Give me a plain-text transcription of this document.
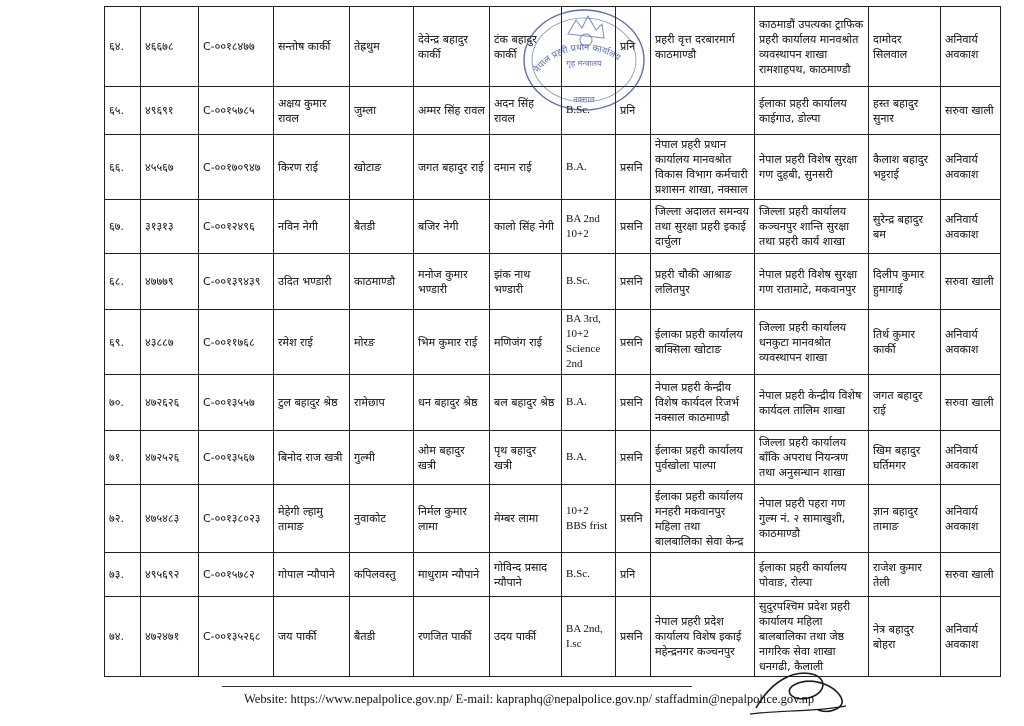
६४.	४६६७८	C-००१८४७७	सन्तोष कार्की	तेह्रथुम	देवेन्द्र बहादुर कार्की	टंक बहादुर कार्की		प्रनि	प्रहरी वृत्त दरबारमार्ग काठमाण्डौ	काठमाडौं उपत्यका ट्राफिक प्रहरी कार्यालय मानवश्रोत व्यवस्थापन शाखा रामशाहपथ, काठमाण्डौ	दामोदर सिलवाल	अनिवार्य अवकाश
६५.	४९६९१	C-००१५७८५	अक्षय कुमार रावल	जुम्ला	अम्मर सिंह रावल	अदन सिंह रावल	B.Sc.	प्रनि		ईलाका प्रहरी कार्यालय काईगाउ, डोल्पा	हस्त बहादुर सुनार	सरुवा खाली
६६.	४५५६७	C-००१७०९४७	किरण राई	खोटाङ	जगत बहादुर राई	दमान राई	B.A.	प्रसनि	नेपाल प्रहरी प्रधान कार्यालय मानवश्रोत विकास विभाग कर्मचारी प्रशासन शाखा, नक्साल	नेपाल प्रहरी विशेष सुरक्षा गण दुहबी, सुनसरी	कैलाश बहादुर भट्टराई	अनिवार्य अवकाश
६७.	३१३१३	C-००१२४९६	नविन नेगी	बैतडी	बजिर नेगी	कालो सिंह नेगी	BA 2nd 10+2	प्रसनि	जिल्ला अदालत समन्वय तथा सुरक्षा प्रहरी इकाई दार्चुला	जिल्ला प्रहरी कार्यालय कञ्चनपुर शान्ति सुरक्षा तथा प्रहरी कार्य शाखा	सुरेन्द्र बहादुर बम	अनिवार्य अवकाश
६८.	४७७७९	C-००१३९४३९	उदित भण्डारी	काठमाण्डौ	मनोज कुमार भण्डारी	झंक नाथ भण्डारी	B.Sc.	प्रसनि	प्रहरी चौकी आश्राङ ललितपुर	नेपाल प्रहरी विशेष सुरक्षा गण रातामाटे, मकवानपुर	दिलीप कुमार हुमागाई	सरुवा खाली
६९.	४३८८७	C-००११७६८	रमेश राई	मोरङ	भिम कुमार राई	मणिजंग राई	BA 3rd, 10+2 Science 2nd	प्रसनि	ईलाका प्रहरी कार्यालय बाक्सिला खोटाङ	जिल्ला प्रहरी कार्यालय धनकुटा मानवश्रोत व्यवस्थापन शाखा	तिर्थ कुमार कार्की	अनिवार्य अवकाश
७०.	४७२६२६	C-००१३५५७	टुल बहादुर श्रेष्ठ	रामेछाप	धन बहादुर श्रेष्ठ	बल बहादुर श्रेष्ठ	B.A.	प्रसनि	नेपाल प्रहरी केन्द्रीय विशेष कार्यदल रिजर्भ नक्साल काठमाण्डौ	नेपाल प्रहरी केन्द्रीय विशेष कार्यदल तालिम शाखा	जगत बहादुर राई	सरुवा खाली
७१.	४७२५२६	C-००१३५६७	बिनोद राज खत्री	गुल्मी	ओम बहादुर खत्री	पृथ बहादुर खत्री	B.A.	प्रसनि	ईलाका प्रहरी कार्यालय पुर्वखोला पाल्पा	जिल्ला प्रहरी कार्यालय बाँकि अपराध नियन्त्रण तथा अनुसन्धान शाखा	खिम बहादुर घर्तिमगर	अनिवार्य अवकाश
७२.	४७५४८३	C-००१३८०२३	मेहेगी ल्हामु तामाङ	नुवाकोट	निर्मल कुमार लामा	मेम्बर लामा	10+2 BBS frist	प्रसनि	ईलाका प्रहरी कार्यालय मनहरी मकवानपुर महिला तथा बालबालिका सेवा केन्द्र	नेपाल प्रहरी पहरा गण गुल्म नं. २ सामाखुशी, काठमाण्डौ	ज्ञान बहादुर तामाङ	अनिवार्य अवकाश
७३.	४९५६९२	C-००१५७८२	गोपाल न्यौपाने	कपिलवस्तु	माधुराम न्यौपाने	गोविन्द प्रसाद न्यौपाने	B.Sc.	प्रनि		ईलाका प्रहरी कार्यालय पोवाङ, रोल्पा	राजेश कुमार तेली	सरुवा खाली
७४.	४७२४७१	C-००१३५२६८	जय पार्की	बैतडी	रणजित पार्की	उदय पार्की	BA 2nd, I.sc	प्रसनि	नेपाल प्रहरी प्रदेश कार्यालय विशेष इकाई महेन्द्रनगर कञ्चनपुर	सुदुरपश्चिम प्रदेश प्रहरी कार्यालय महिला बालबालिका तथा जेष्ठ नागरिक सेवा शाखा धनगढी, कैलाली	नेत्र बहादुर बोहरा	अनिवार्य अवकाश
नेपाल प्रहरी प्रधान कार्यालय
गृह मन्त्रालय
नक्साल
Website: https://www.nepalpolice.gov.np/ E-mail: kapraphq@nepalpolice.gov.np/ staffadmin@nepalpolice.gov.np
